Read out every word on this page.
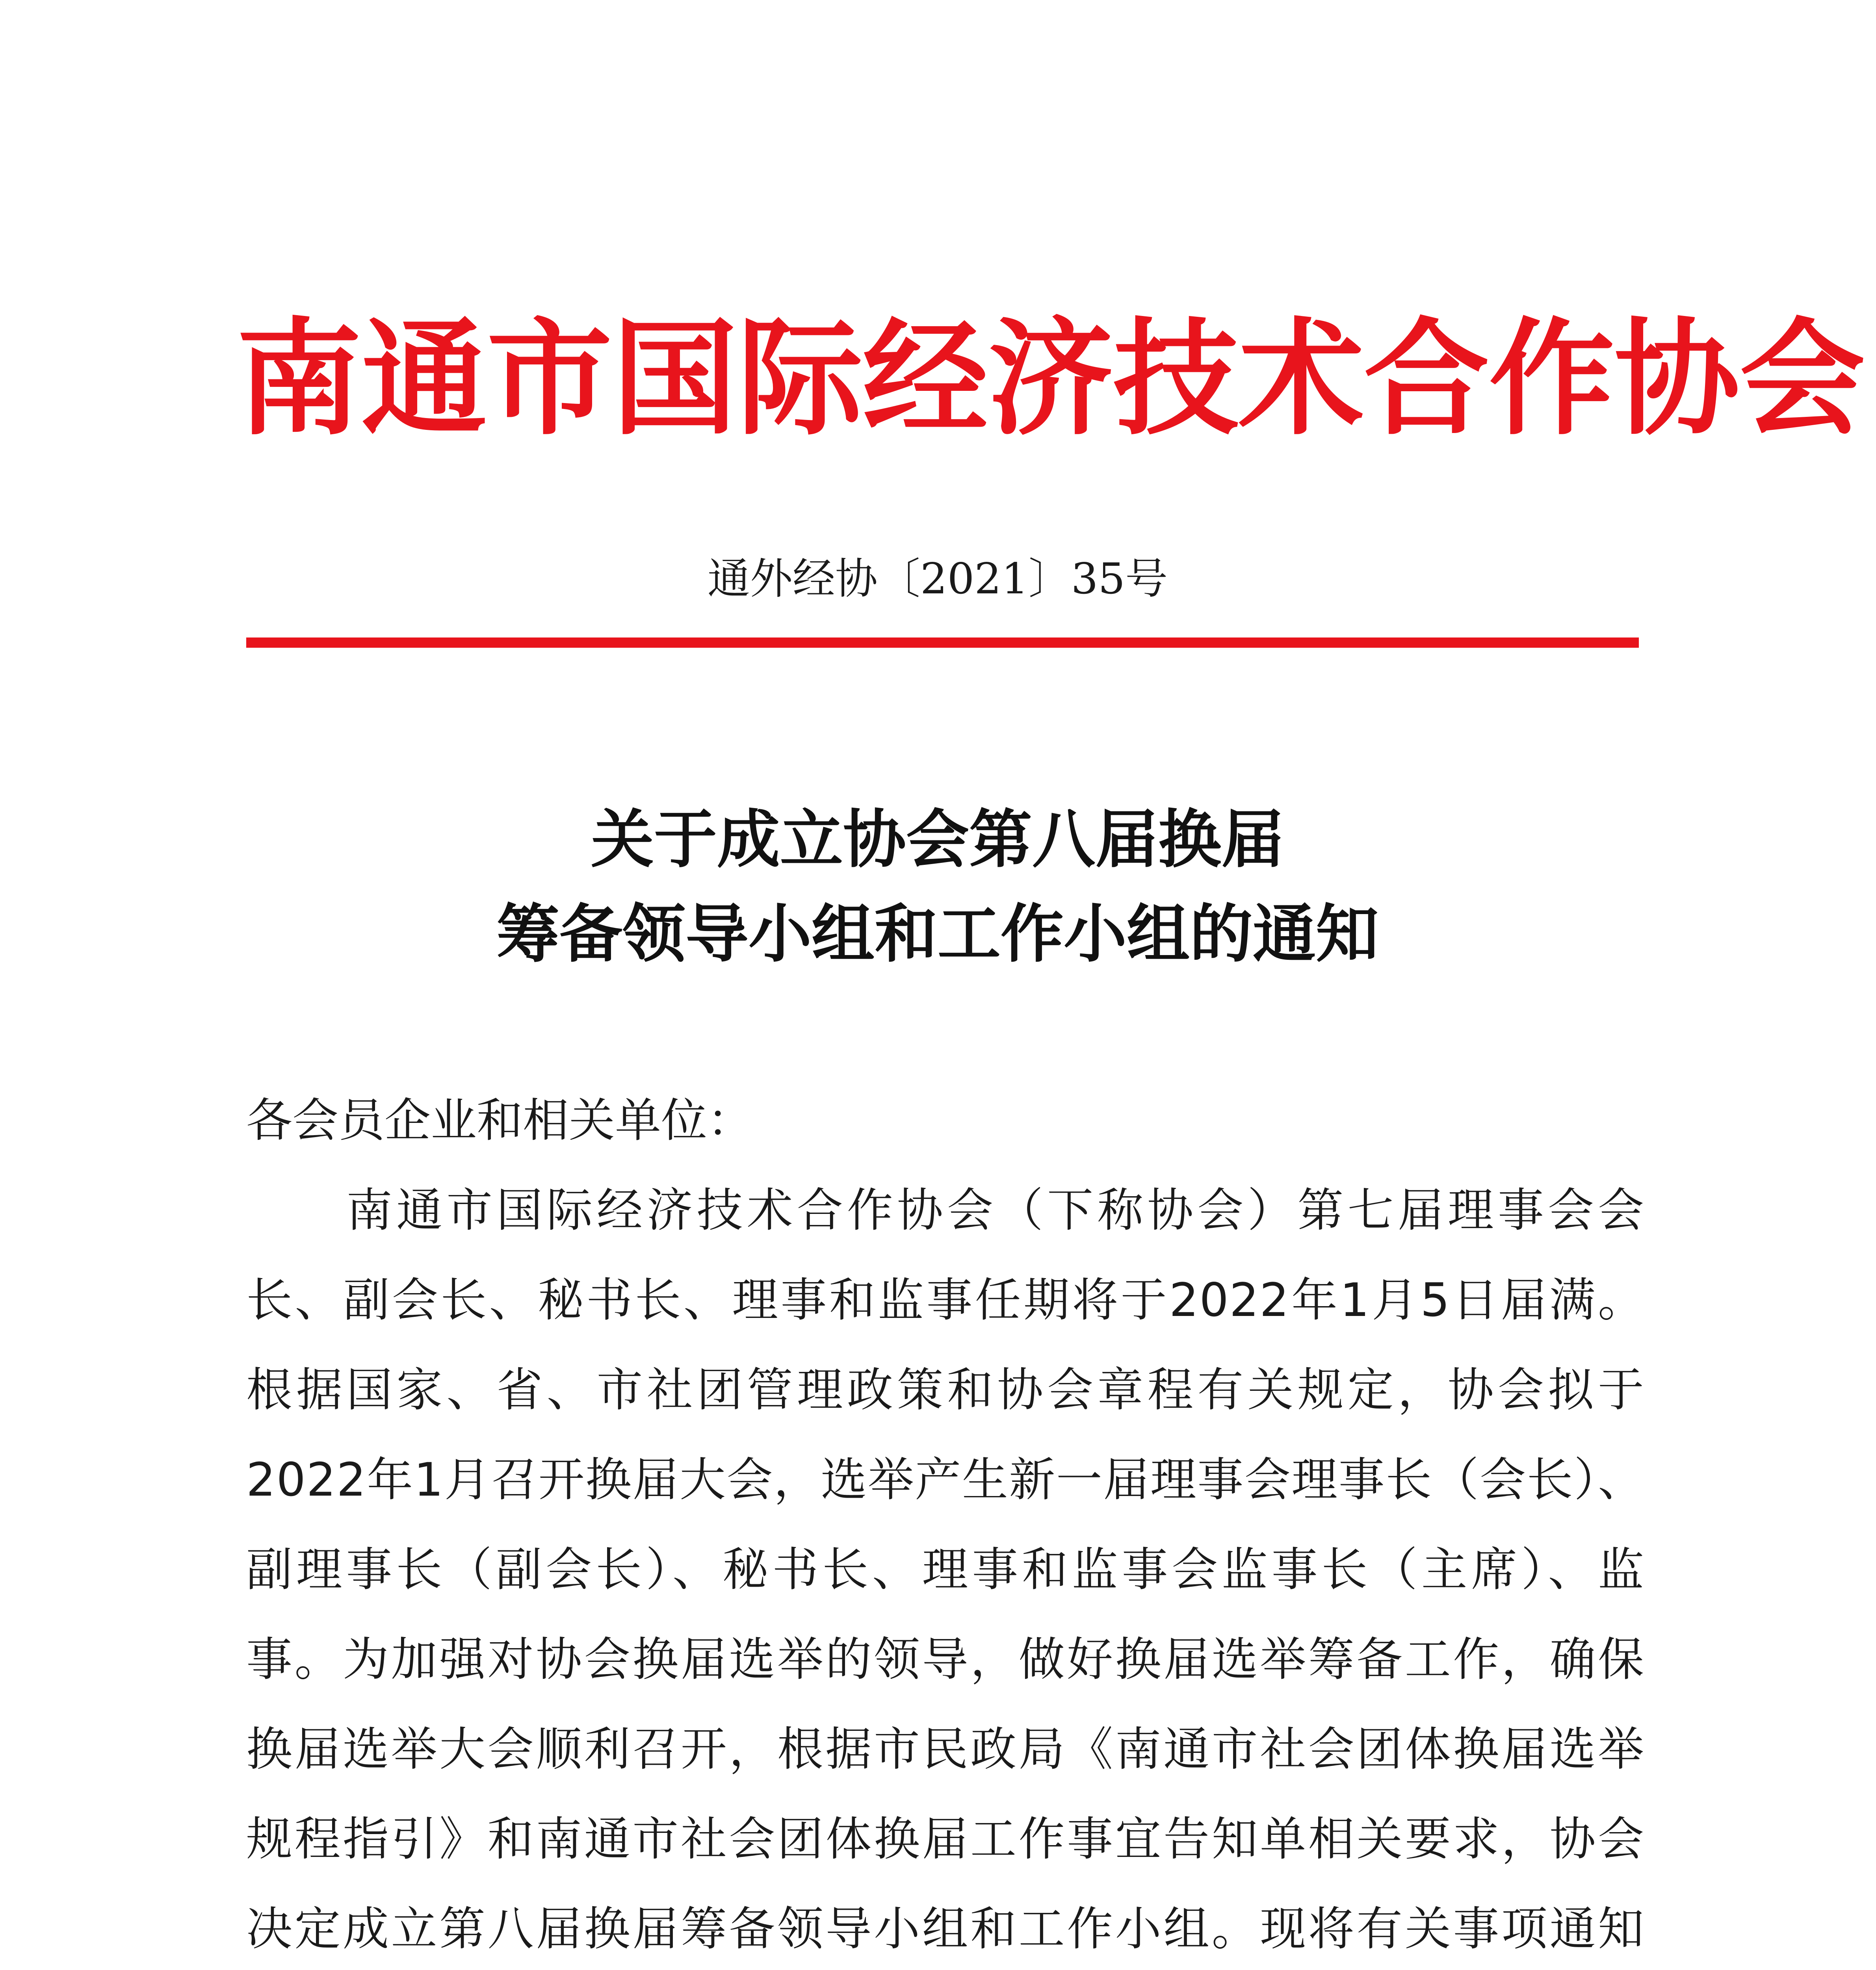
南通市国际经济技术合作协会
通外经协〔2021〕35号
关于成立协会第八届换届
筹备领导小组和工作小组的通知
各会员企业和相关单位：
南通市国际经济技术合作协会（下称协会）第七届理事会会长、副会长、秘书长、理事和监事任期将于2022年1月5日届满。根据国家、省、市社团管理政策和协会章程有关规定，协会拟于2022年1月召开换届大会，选举产生新一届理事会理事长（会长）、副理事长（副会长）、秘书长、理事和监事会监事长（主席）、监事。为加强对协会换届选举的领导，做好换届选举筹备工作，确保换届选举大会顺利召开，根据市民政局《南通市社会团体换届选举规程指引》和南通市社会团体换届工作事宜告知单相关要求，协会决定成立第八届换届筹备领导小组和工作小组。现将有关事项通知
